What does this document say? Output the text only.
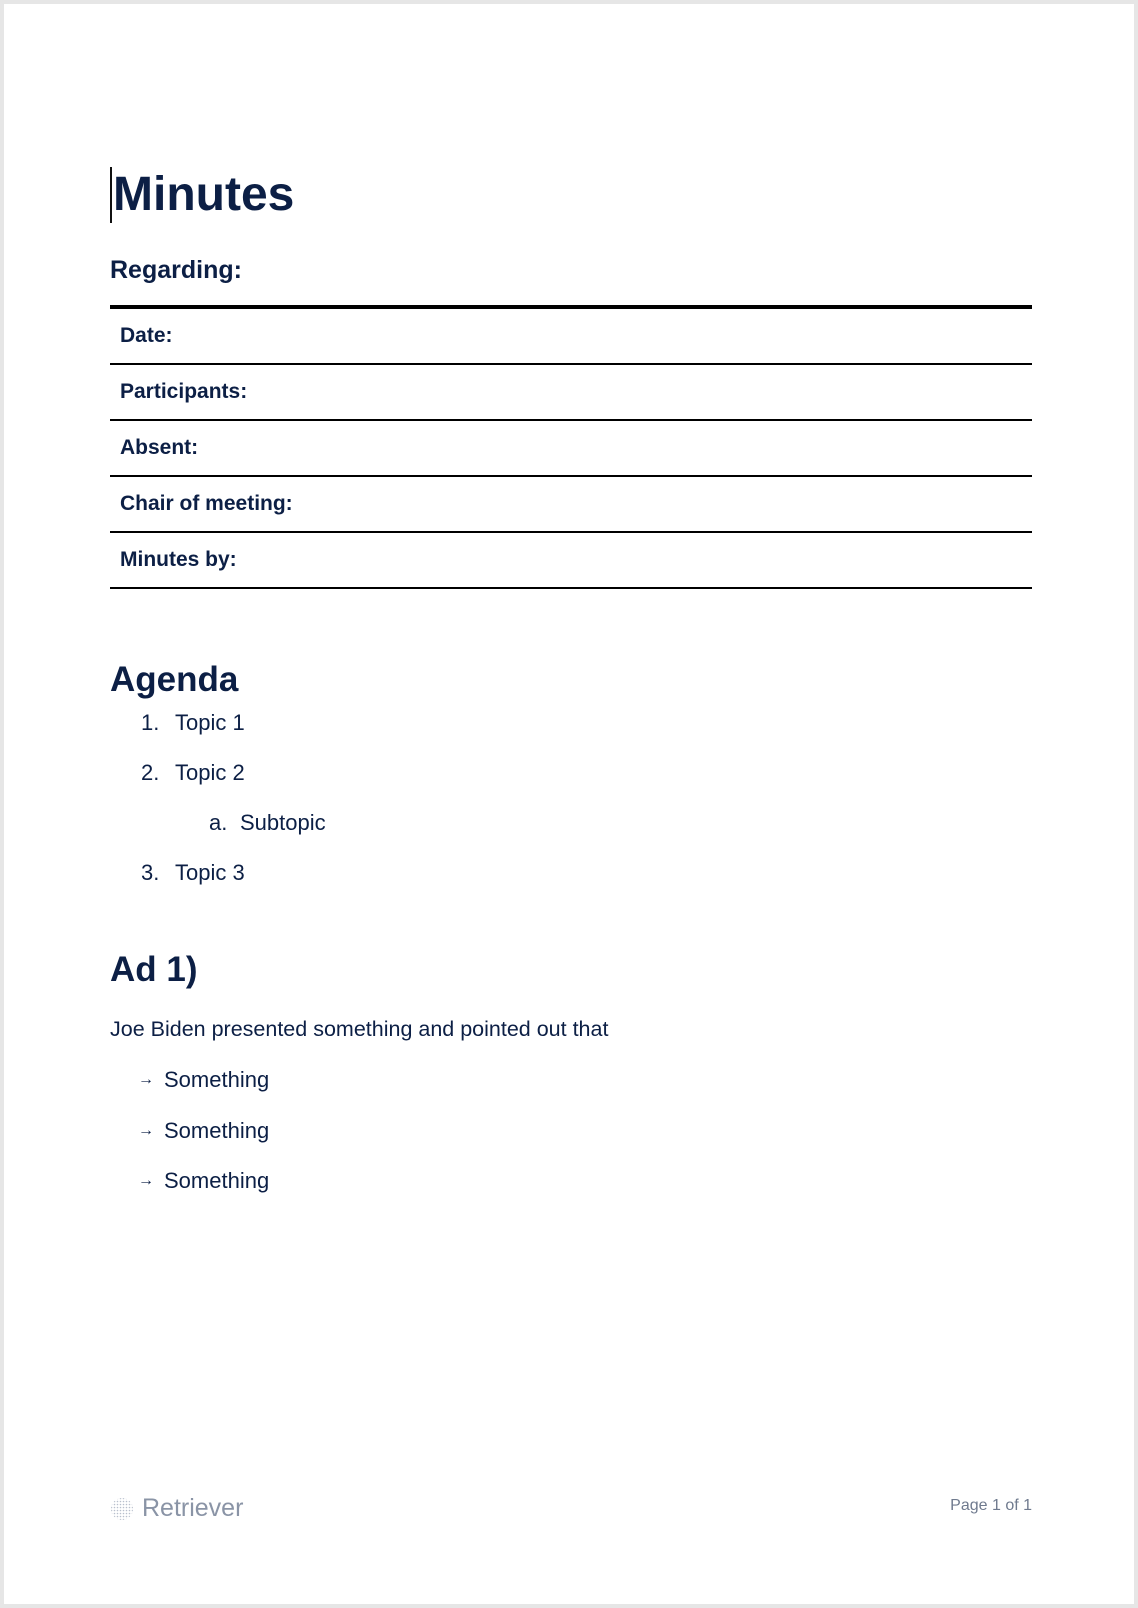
Minutes
Regarding:
Date:
Participants:
Absent:
Chair of meeting:
Minutes by:
Agenda
1. Topic 1
2. Topic 2
a. Subtopic
3. Topic 3
Ad 1)
Joe Biden presented something and pointed out that
→ Something
→ Something
→ Something
Retriever	Page 1 of 1
